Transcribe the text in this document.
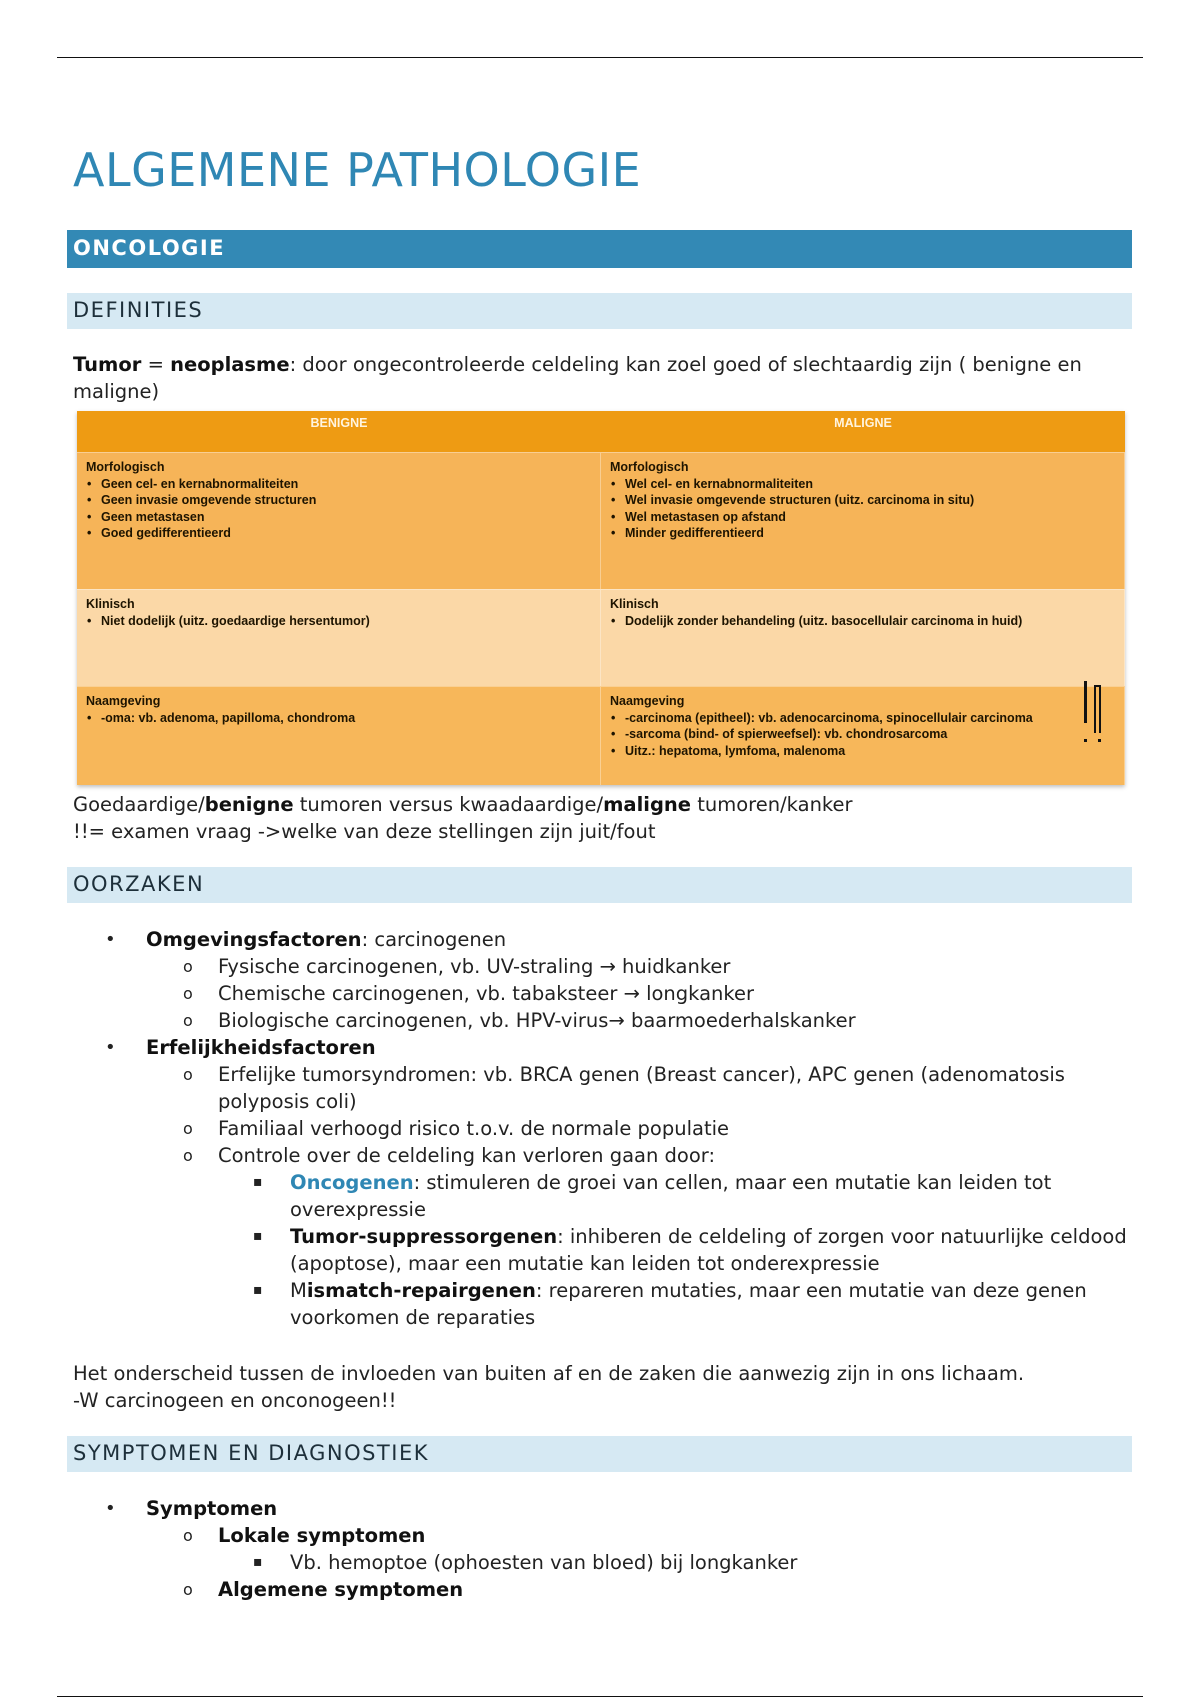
ALGEMENE PATHOLOGIE
ONCOLOGIE
DEFINITIES
Tumor = neoplasme: door ongecontroleerde celdeling kan zoel goed of slechtaardig zijn ( benigne en maligne)
BENIGNE	MALIGNE
Morfologisch
• Geen cel- en kernabnormaliteiten
• Geen invasie omgevende structuren
• Geen metastasen
• Goed gedifferentieerd
Morfologisch
• Wel cel- en kernabnormaliteiten
• Wel invasie omgevende structuren (uitz. carcinoma in situ)
• Wel metastasen op afstand
• Minder gedifferentieerd
Klinisch
• Niet dodelijk (uitz. goedaardige hersentumor)
Klinisch
• Dodelijk zonder behandeling (uitz. basocellulair carcinoma in huid)
Naamgeving
• -oma: vb. adenoma, papilloma, chondroma
Naamgeving
• -carcinoma (epitheel): vb. adenocarcinoma, spinocellulair carcinoma
• -sarcoma (bind- of spierweefsel): vb. chondrosarcoma
• Uitz.: hepatoma, lymfoma, malenoma
Goedaardige/benigne tumoren versus kwaadaardige/maligne tumoren/kanker
!!= examen vraag ->welke van deze stellingen zijn juit/fout
OORZAKEN
• Omgevingsfactoren: carcinogenen
o Fysische carcinogenen, vb. UV-straling → huidkanker
o Chemische carcinogenen, vb. tabaksteer → longkanker
o Biologische carcinogenen, vb. HPV-virus→ baarmoederhalskanker
• Erfelijkheidsfactoren
o Erfelijke tumorsyndromen: vb. BRCA genen (Breast cancer), APC genen (adenomatosis polyposis coli)
o Familiaal verhoogd risico t.o.v. de normale populatie
o Controle over de celdeling kan verloren gaan door:
▪ Oncogenen: stimuleren de groei van cellen, maar een mutatie kan leiden tot overexpressie
▪ Tumor-suppressorgenen: inhiberen de celdeling of zorgen voor natuurlijke celdood (apoptose), maar een mutatie kan leiden tot onderexpressie
▪ Mismatch-repairgenen: repareren mutaties, maar een mutatie van deze genen voorkomen de reparaties
Het onderscheid tussen de invloeden van buiten af en de zaken die aanwezig zijn in ons lichaam.
-W carcinogeen en onconogeen!!
SYMPTOMEN EN DIAGNOSTIEK
• Symptomen
o Lokale symptomen
▪ Vb. hemoptoe (ophoesten van bloed) bij longkanker
o Algemene symptomen
